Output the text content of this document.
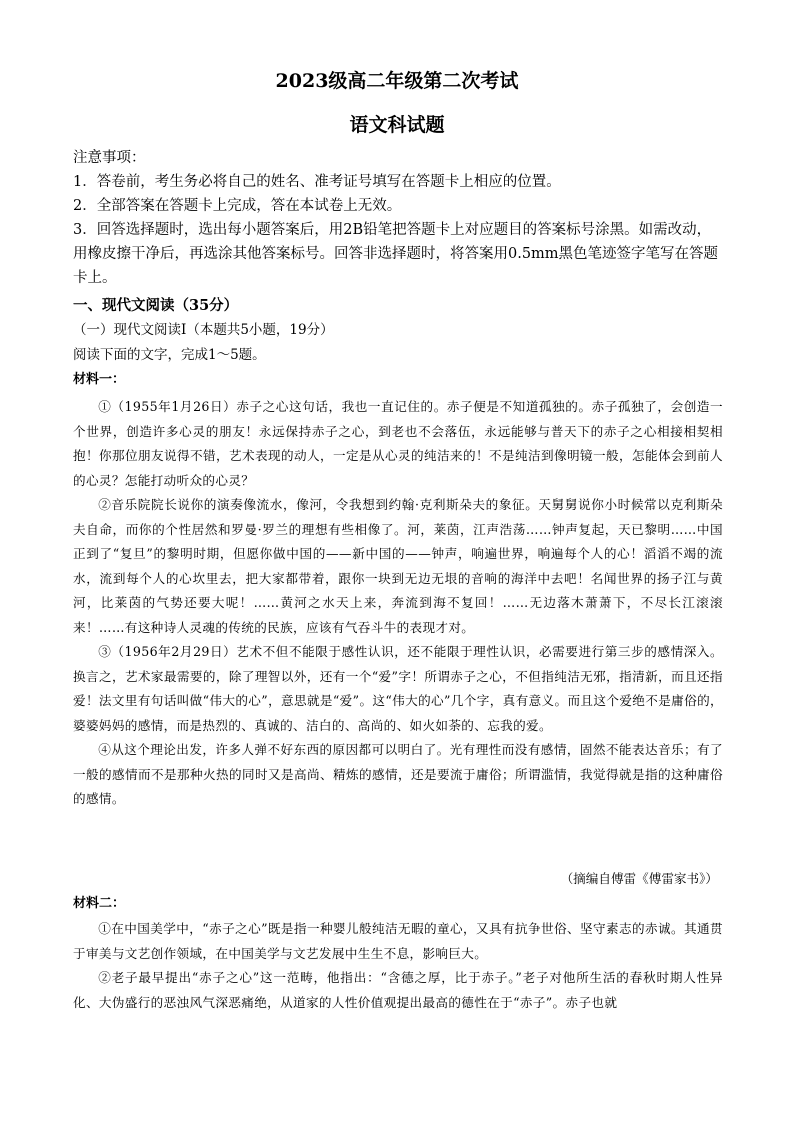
2023级高二年级第二次考试
语文科试题

注意事项：

1．答卷前，考生务必将自己的姓名、准考证号填写在答题卡上相应的位置。

2．全部答案在答题卡上完成，答在本试卷上无效。

3．回答选择题时，选出每小题答案后，用2B铅笔把答题卡上对应题目的答案标号涂黑。如需改动，用橡皮擦干净后，再选涂其他答案标号。回答非选择题时，将答案用0.5mm黑色笔迹签字笔写在答题卡上。

一、现代文阅读（35分）
（一）现代文阅读Ⅰ（本题共5小题，19分）
阅读下面的文字，完成1～5题。
材料一：

①（1955年1月26日）赤子之心这句话，我也一直记住的。赤子便是不知道孤独的。赤子孤独了，会创造一个世界，创造许多心灵的朋友！永远保持赤子之心，到老也不会落伍，永远能够与普天下的赤子之心相接相契相抱！你那位朋友说得不错，艺术表现的动人，一定是从心灵的纯洁来的！不是纯洁到像明镜一般，怎能体会到前人的心灵？怎能打动听众的心灵？

②音乐院院长说你的演奏像流水，像河，令我想到约翰·克利斯朵夫的象征。天舅舅说你小时候常以克利斯朵夫自命，而你的个性居然和罗曼·罗兰的理想有些相像了。河，莱茵，江声浩荡……钟声复起，天已黎明……中国正到了“复旦”的黎明时期，但愿你做中国的——新中国的——钟声，响遍世界，响遍每个人的心！滔滔不竭的流水，流到每个人的心坎里去，把大家都带着，跟你一块到无边无垠的音响的海洋中去吧！名闻世界的扬子江与黄河，比莱茵的气势还要大呢！……黄河之水天上来，奔流到海不复回！……无边落木萧萧下，不尽长江滚滚来！……有这种诗人灵魂的传统的民族，应该有气吞斗牛的表现才对。

③（1956年2月29日）艺术不但不能限于感性认识，还不能限于理性认识，必需要进行第三步的感情深入。换言之，艺术家最需要的，除了理智以外，还有一个“爱”字！所谓赤子之心，不但指纯洁无邪，指清新，而且还指爱！法文里有句话叫做“伟大的心”，意思就是“爱”。这“伟大的心”几个字，真有意义。而且这个爱绝不是庸俗的，婆婆妈妈的感情，而是热烈的、真诚的、洁白的、高尚的、如火如荼的、忘我的爱。

④从这个理论出发，许多人弹不好东西的原因都可以明白了。光有理性而没有感情，固然不能表达音乐；有了一般的感情而不是那种火热的同时又是高尚、精炼的感情，还是要流于庸俗；所谓滥情，我觉得就是指的这种庸俗的感情。

（摘编自傅雷《傅雷家书》）
材料二：

①在中国美学中，“赤子之心”既是指一种婴儿般纯洁无暇的童心，又具有抗争世俗、坚守素志的赤诚。其通贯于审美与文艺创作领域，在中国美学与文艺发展中生生不息，影响巨大。

②老子最早提出“赤子之心”这一范畴，他指出：“含德之厚，比于赤子。”老子对他所生活的春秋时期人性异化、大伪盛行的恶浊风气深恶痛绝，从道家的人性价值观提出最高的德性在于“赤子”。赤子也就
